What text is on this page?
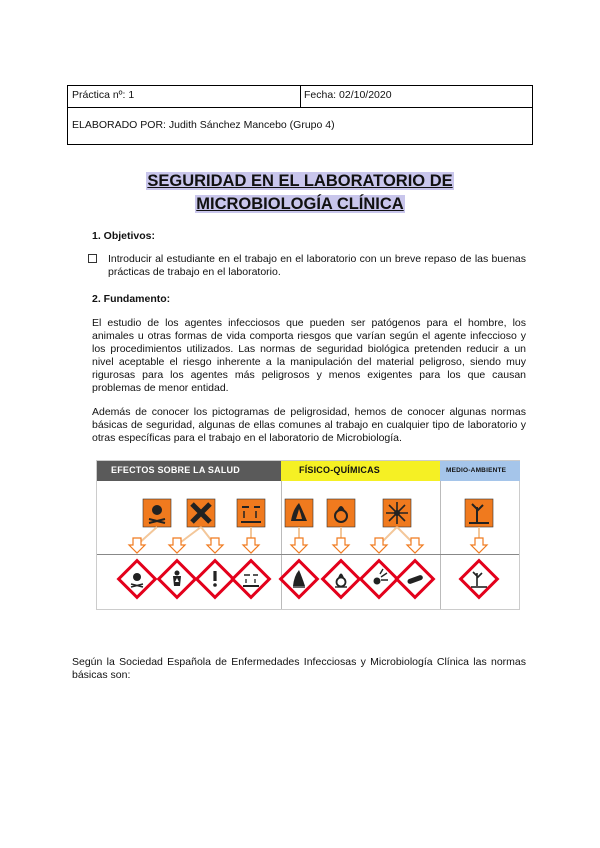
Práctica nº: 1	Fecha: 02/10/2020
ELABORADO POR: Judith Sánchez Mancebo (Grupo 4)
SEGURIDAD EN EL LABORATORIO DE
MICROBIOLOGÍA CLÍNICA
1. Objetivos:
Introducir al estudiante en el trabajo en el laboratorio con un breve repaso de las buenas prácticas de trabajo en el laboratorio.
2. Fundamento:
El estudio de los agentes infecciosos que pueden ser patógenos para el hombre, los animales u otras formas de vida comporta riesgos que varían según el agente infeccioso y los procedimientos utilizados. Las normas de seguridad biológica pretenden reducir a un nivel aceptable el riesgo inherente a la manipulación del material peligroso, siendo muy rigurosas para los agentes más peligrosos y menos exigentes para los que causan problemas de menor entidad.
Además de conocer los pictogramas de peligrosidad, hemos de conocer algunas normas básicas de seguridad, algunas de ellas comunes al trabajo en cualquier tipo de laboratorio y otras específicas para el trabajo en el laboratorio de Microbiología.
EFECTOS SOBRE LA SALUD	FÍSICO-QUÍMICAS	MEDIO-AMBIENTE
Según la Sociedad Española de Enfermedades Infecciosas y Microbiología Clínica las normas básicas son:
